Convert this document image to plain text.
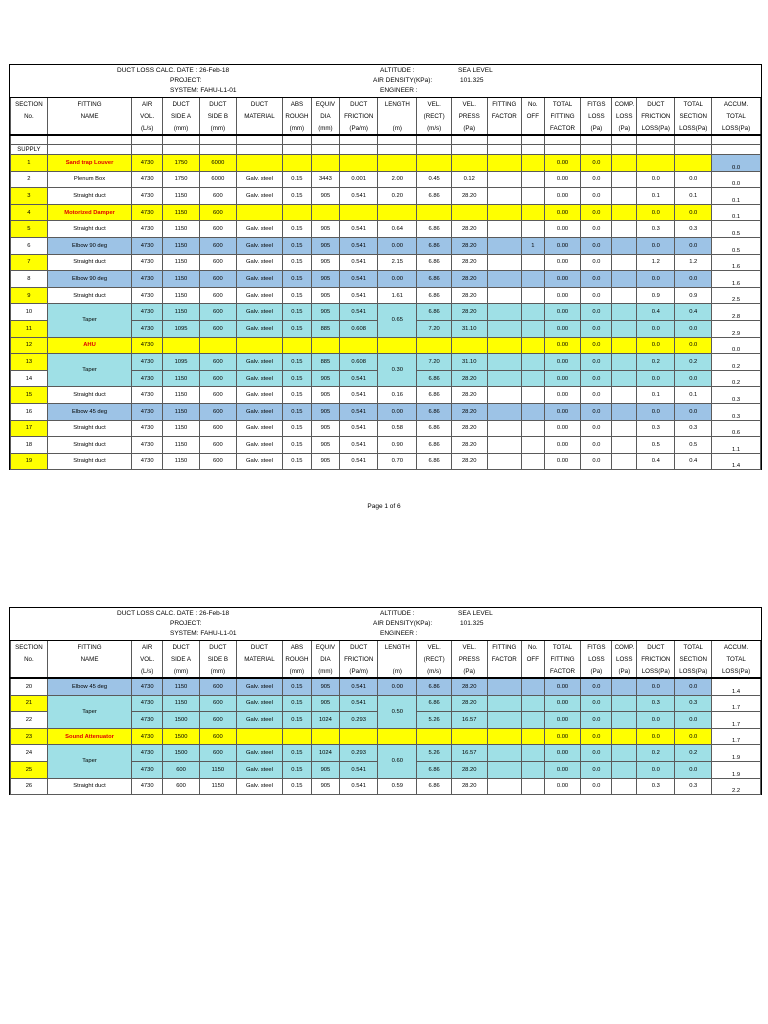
DUCT LOSS CALC. DATE : 26-Feb-18
PROJECT:
SYSTEM: FAHU-L1-01
ALTITUDE :	SEA LEVEL
AIR DENSITY(KPa):	101.325
ENGINEER :
SECTION	FITTING	AIR	DUCT	DUCT	DUCT	ABS	EQUIV	DUCT	LENGTH	VEL.	VEL.	FITTING	No.	TOTAL	FITGS	COMP.	DUCT	TOTAL	ACCUM.
No.	NAME	VOL.	SIDE A	SIDE B	MATERIAL	ROUGH	DIA	FRICTION		(RECT)	PRESS	FACTOR	OFF	FITTING	LOSS	LOSS	FRICTION	SECTION	TOTAL
		(L/s)	(mm)	(mm)		(mm)	(mm)	(Pa/m)	(m)	(m/s)	(Pa)			FACTOR	(Pa)	(Pa)	LOSS(Pa)	LOSS(Pa)	LOSS(Pa)

SUPPLY																			
1	Sand trap Louver	4730	1750	6000										0.00	0.0				0.0
2	Plenum Box	4730	1750	6000	Galv. steel	0.15	3443	0.001	2.00	0.45	0.12			0.00	0.0		0.0	0.0	0.0
3	Straight duct	4730	1150	600	Galv. steel	0.15	905	0.541	0.20	6.86	28.20			0.00	0.0		0.1	0.1	0.1
4	Motorized Damper	4730	1150	600										0.00	0.0		0.0	0.0	0.1
5	Straight duct	4730	1150	600	Galv. steel	0.15	905	0.541	0.64	6.86	28.20			0.00	0.0		0.3	0.3	0.5
6	Elbow 90 deg	4730	1150	600	Galv. steel	0.15	905	0.541	0.00	6.86	28.20		1	0.00	0.0		0.0	0.0	0.5
7	Straight duct	4730	1150	600	Galv. steel	0.15	905	0.541	2.15	6.86	28.20			0.00	0.0		1.2	1.2	1.6
8	Elbow 90 deg	4730	1150	600	Galv. steel	0.15	905	0.541	0.00	6.86	28.20			0.00	0.0		0.0	0.0	1.6
9	Straight duct	4730	1150	600	Galv. steel	0.15	905	0.541	1.61	6.86	28.20			0.00	0.0		0.9	0.9	2.5
10	Taper	4730	1150	600	Galv. steel	0.15	905	0.541	0.65	6.86	28.20			0.00	0.0		0.4	0.4	2.8
11		4730	1095	600	Galv. steel	0.15	885	0.608		7.20	31.10			0.00	0.0		0.0	0.0	2.9
12	AHU	4730												0.00	0.0		0.0	0.0	0.0
13	Taper	4730	1095	600	Galv. steel	0.15	885	0.608	0.30	7.20	31.10			0.00	0.0		0.2	0.2	0.2
14		4730	1150	600	Galv. steel	0.15	905	0.541		6.86	28.20			0.00	0.0		0.0	0.0	0.2
15	Straight duct	4730	1150	600	Galv. steel	0.15	905	0.541	0.16	6.86	28.20			0.00	0.0		0.1	0.1	0.3
16	Elbow 45 deg	4730	1150	600	Galv. steel	0.15	905	0.541	0.00	6.86	28.20			0.00	0.0		0.0	0.0	0.3
17	Straight duct	4730	1150	600	Galv. steel	0.15	905	0.541	0.58	6.86	28.20			0.00	0.0		0.3	0.3	0.6
18	Straight duct	4730	1150	600	Galv. steel	0.15	905	0.541	0.90	6.86	28.20			0.00	0.0		0.5	0.5	1.1
19	Straight duct	4730	1150	600	Galv. steel	0.15	905	0.541	0.70	6.86	28.20			0.00	0.0		0.4	0.4	1.4
Page 1 of 6
DUCT LOSS CALC. DATE : 26-Feb-18
PROJECT:
SYSTEM: FAHU-L1-01
ALTITUDE :	SEA LEVEL
AIR DENSITY(KPa):	101.325
ENGINEER :
SECTION	FITTING	AIR	DUCT	DUCT	DUCT	ABS	EQUIV	DUCT	LENGTH	VEL.	VEL.	FITTING	No.	TOTAL	FITGS	COMP.	DUCT	TOTAL	ACCUM.
No.	NAME	VOL.	SIDE A	SIDE B	MATERIAL	ROUGH	DIA	FRICTION		(RECT)	PRESS	FACTOR	OFF	FITTING	LOSS	LOSS	FRICTION	SECTION	TOTAL
		(L/s)	(mm)	(mm)		(mm)	(mm)	(Pa/m)	(m)	(m/s)	(Pa)			FACTOR	(Pa)	(Pa)	LOSS(Pa)	LOSS(Pa)	LOSS(Pa)
20	Elbow 45 deg	4730	1150	600	Galv. steel	0.15	905	0.541	0.00	6.86	28.20			0.00	0.0		0.0	0.0	1.4
21	Taper	4730	1150	600	Galv. steel	0.15	905	0.541	0.50	6.86	28.20			0.00	0.0		0.3	0.3	1.7
22		4730	1500	600	Galv. steel	0.15	1024	0.293		5.26	16.57			0.00	0.0		0.0	0.0	1.7
23	Sound Attenuator	4730	1500	600										0.00	0.0		0.0	0.0	1.7
24	Taper	4730	1500	600	Galv. steel	0.15	1024	0.293	0.60	5.26	16.57			0.00	0.0		0.2	0.2	1.9
25		4730	600	1150	Galv. steel	0.15	905	0.541		6.86	28.20			0.00	0.0		0.0	0.0	1.9
26	Straight duct	4730	600	1150	Galv. steel	0.15	905	0.541	0.59	6.86	28.20			0.00	0.0		0.3	0.3	2.2
